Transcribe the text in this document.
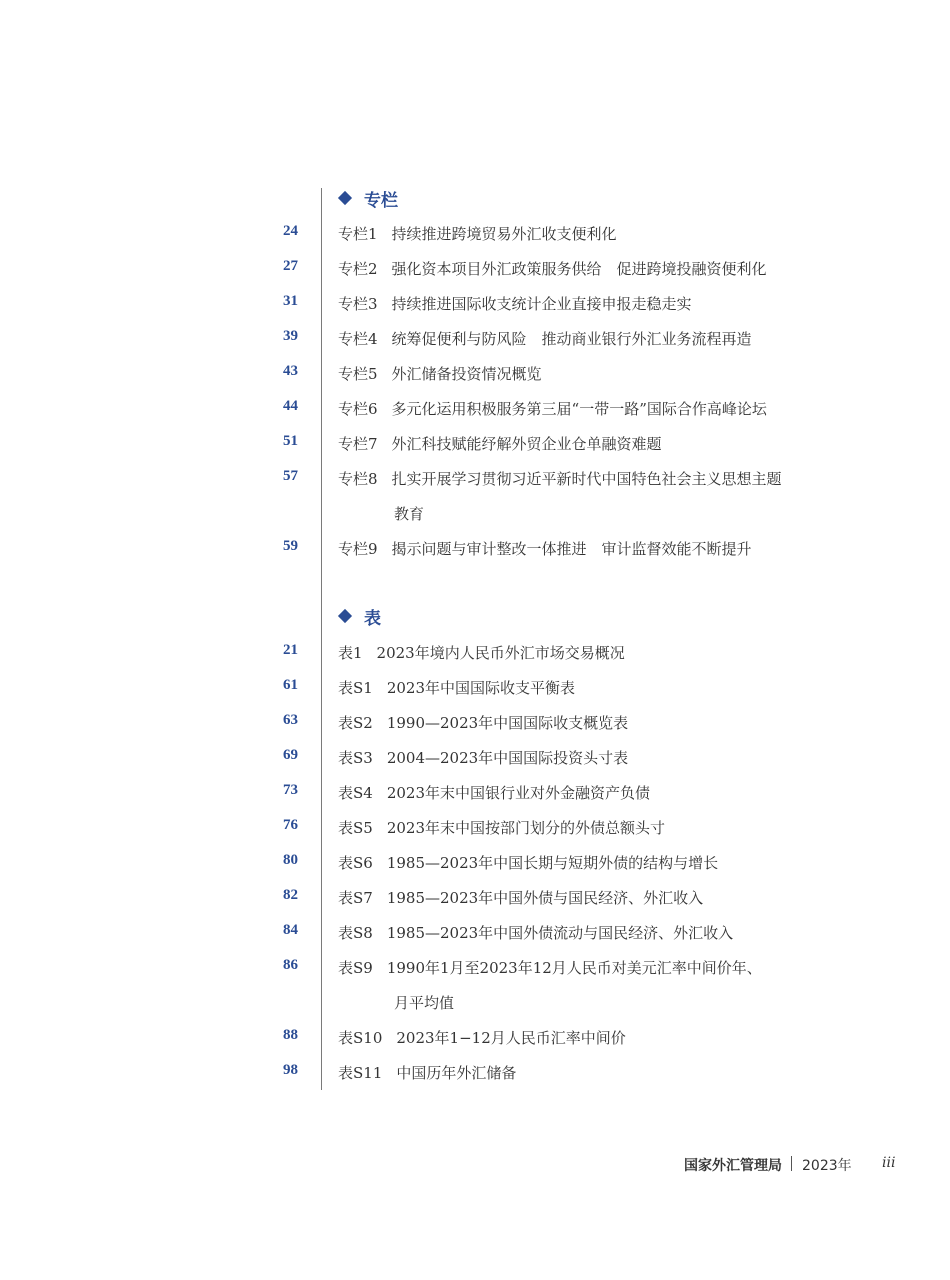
专栏
24	专栏1 持续推进跨境贸易外汇收支便利化
27	专栏2 强化资本项目外汇政策服务供给　促进跨境投融资便利化
31	专栏3 持续推进国际收支统计企业直接申报走稳走实
39	专栏4 统筹促便利与防风险　推动商业银行外汇业务流程再造
43	专栏5 外汇储备投资情况概览
44	专栏6 多元化运用积极服务第三届“一带一路”国际合作高峰论坛
51	专栏7 外汇科技赋能纾解外贸企业仓单融资难题
57	专栏8 扎实开展学习贯彻习近平新时代中国特色社会主义思想主题
教育
59	专栏9 揭示问题与审计整改一体推进　审计监督效能不断提升
表
21	表1 2023年境内人民币外汇市场交易概况
61	表S1 2023年中国国际收支平衡表
63	表S2 1990—2023年中国国际收支概览表
69	表S3 2004—2023年中国国际投资头寸表
73	表S4 2023年末中国银行业对外金融资产负债
76	表S5 2023年末中国按部门划分的外债总额头寸
80	表S6 1985—2023年中国长期与短期外债的结构与增长
82	表S7 1985—2023年中国外债与国民经济、外汇收入
84	表S8 1985—2023年中国外债流动与国民经济、外汇收入
86	表S9 1990年1月至2023年12月人民币对美元汇率中间价年、
月平均值
88	表S10 2023年1−12月人民币汇率中间价
98	表S11 中国历年外汇储备
国家外汇管理局 2023年 iii
